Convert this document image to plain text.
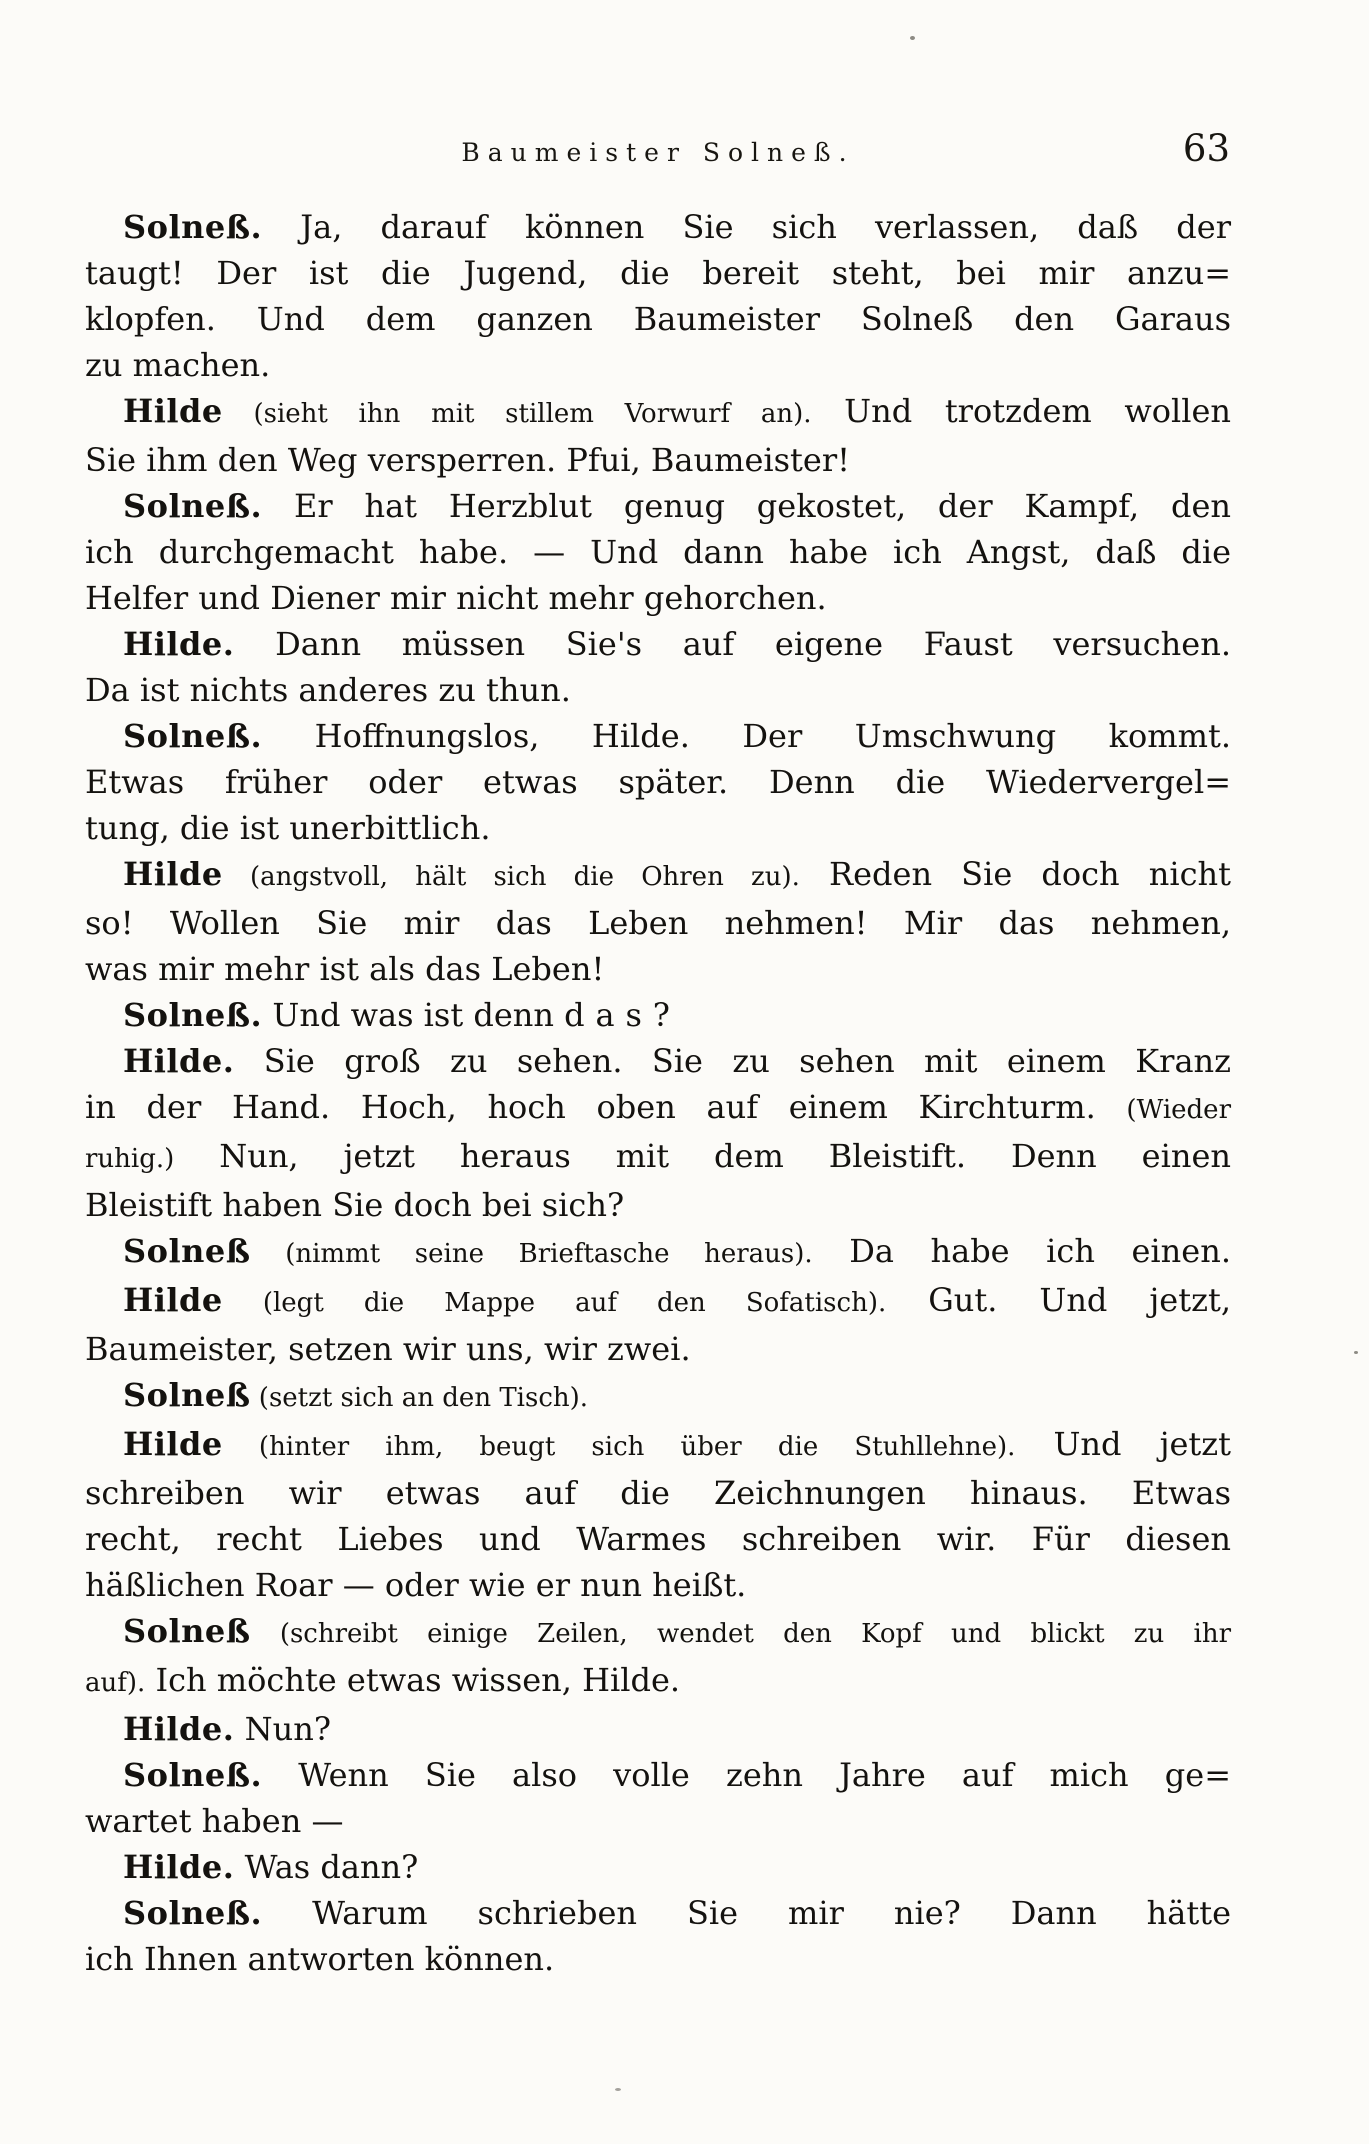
Baumeister Solneß.	63
Solneß. Ja, darauf können Sie sich verlassen, daß der
taugt! Der ist die Jugend, die bereit steht, bei mir anzu=
klopfen. Und dem ganzen Baumeister Solneß den Garaus
zu machen.
Hilde (sieht ihn mit stillem Vorwurf an). Und trotzdem wollen
Sie ihm den Weg versperren. Pfui, Baumeister!
Solneß. Er hat Herzblut genug gekostet, der Kampf, den
ich durchgemacht habe. — Und dann habe ich Angst, daß die
Helfer und Diener mir nicht mehr gehorchen.
Hilde. Dann müssen Sie's auf eigene Faust versuchen.
Da ist nichts anderes zu thun.
Solneß. Hoffnungslos, Hilde. Der Umschwung kommt.
Etwas früher oder etwas später. Denn die Wiedervergel=
tung, die ist unerbittlich.
Hilde (angstvoll, hält sich die Ohren zu). Reden Sie doch nicht
so! Wollen Sie mir das Leben nehmen! Mir das nehmen,
was mir mehr ist als das Leben!
Solneß. Und was ist denn das?
Hilde. Sie groß zu sehen. Sie zu sehen mit einem Kranz
in der Hand. Hoch, hoch oben auf einem Kirchturm. (Wieder
ruhig.) Nun, jetzt heraus mit dem Bleistift. Denn einen
Bleistift haben Sie doch bei sich?
Solneß (nimmt seine Brieftasche heraus). Da habe ich einen.
Hilde (legt die Mappe auf den Sofatisch). Gut. Und jetzt,
Baumeister, setzen wir uns, wir zwei.
Solneß (setzt sich an den Tisch).
Hilde (hinter ihm, beugt sich über die Stuhllehne). Und jetzt
schreiben wir etwas auf die Zeichnungen hinaus. Etwas
recht, recht Liebes und Warmes schreiben wir. Für diesen
häßlichen Roar — oder wie er nun heißt.
Solneß (schreibt einige Zeilen, wendet den Kopf und blickt zu ihr
auf). Ich möchte etwas wissen, Hilde.
Hilde. Nun?
Solneß. Wenn Sie also volle zehn Jahre auf mich ge=
wartet haben —
Hilde. Was dann?
Solneß. Warum schrieben Sie mir nie? Dann hätte
ich Ihnen antworten können.
